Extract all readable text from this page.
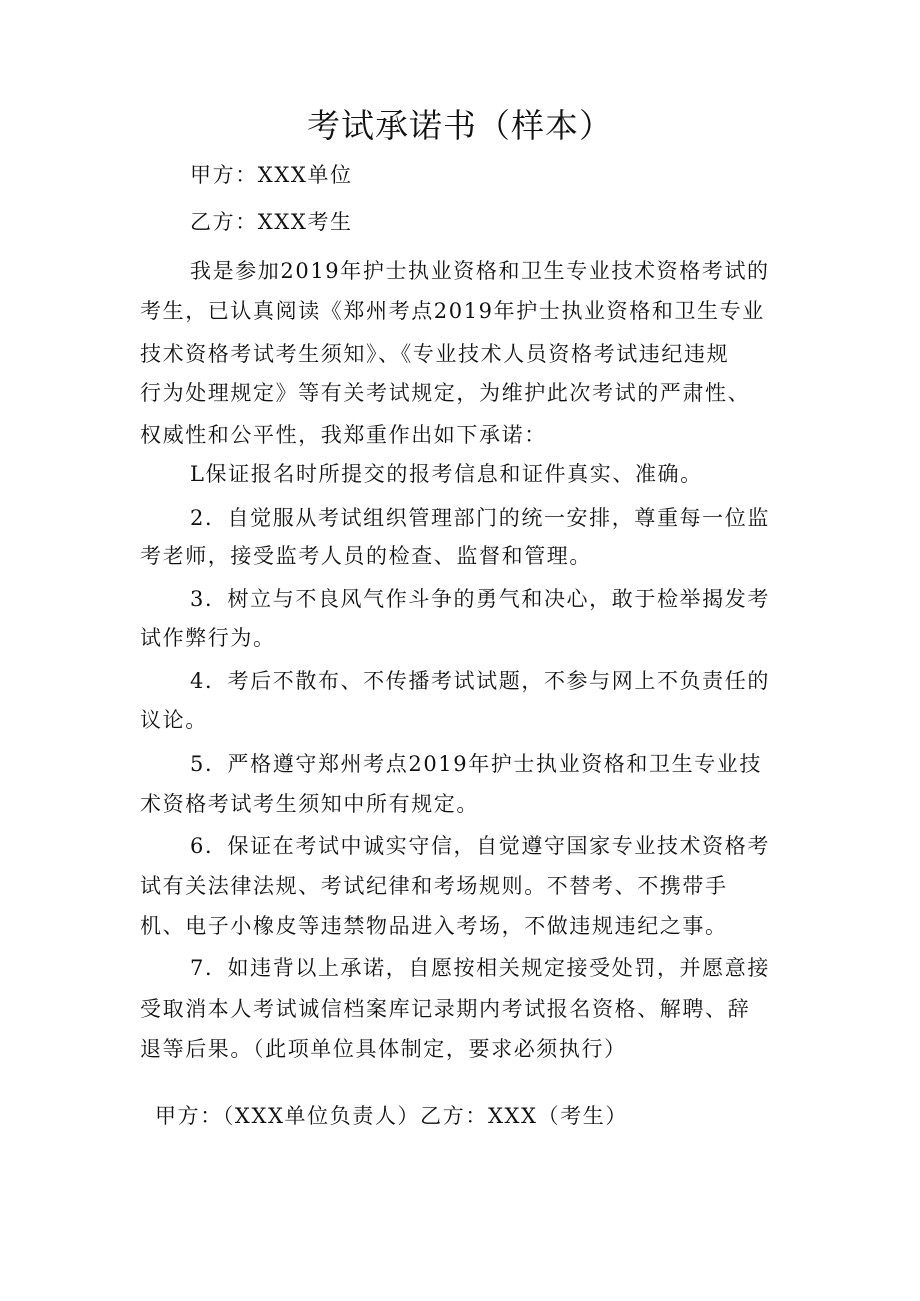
考试承诺书（样本）
甲方：XXX单位
乙方：XXX考生
我是参加2019年护士执业资格和卫生专业技术资格考试的
考生，已认真阅读《郑州考点2019年护士执业资格和卫生专业
技术资格考试考生须知》、《专业技术人员资格考试违纪违规
行为处理规定》等有关考试规定，为维护此次考试的严肃性、
权威性和公平性，我郑重作出如下承诺：
L保证报名时所提交的报考信息和证件真实、准确。
2．自觉服从考试组织管理部门的统一安排，尊重每一位监
考老师，接受监考人员的检查、监督和管理。
3．树立与不良风气作斗争的勇气和决心，敢于检举揭发考
试作弊行为。
4．考后不散布、不传播考试试题，不参与网上不负责任的
议论。
5．严格遵守郑州考点2019年护士执业资格和卫生专业技
术资格考试考生须知中所有规定。
6．保证在考试中诚实守信，自觉遵守国家专业技术资格考
试有关法律法规、考试纪律和考场规则。不替考、不携带手
机、电子小橡皮等违禁物品进入考场，不做违规违纪之事。
7．如违背以上承诺，自愿按相关规定接受处罚，并愿意接
受取消本人考试诚信档案库记录期内考试报名资格、解聘、辞
退等后果。（此项单位具体制定，要求必须执行）
甲方：（XXX单位负责人）乙方：XXX（考生）
